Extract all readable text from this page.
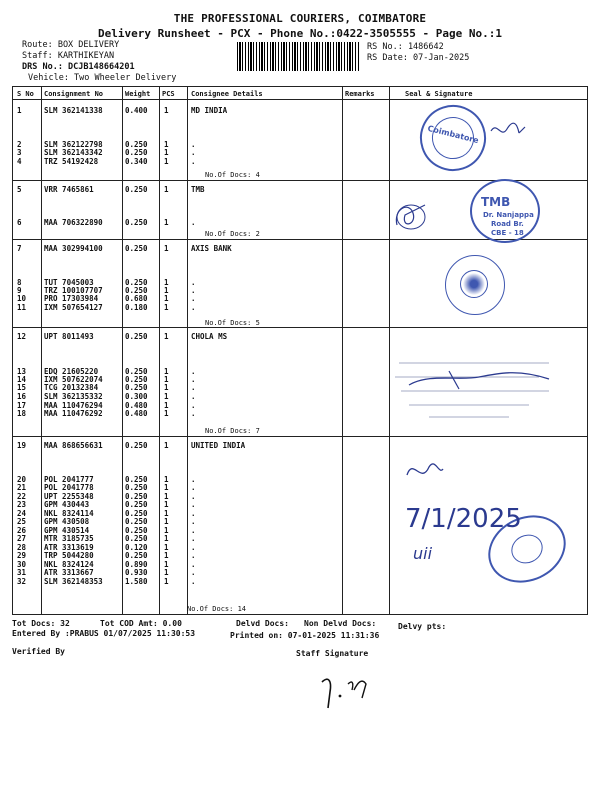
THE PROFESSIONAL COURIERS, COIMBATORE
Delivery Runsheet - PCX - Phone No.:0422-3505555 - Page No.:1
Route: BOX DELIVERY
Staff: KARTHIKEYAN
DRS No.: DCJB148664201
Vehicle: Two Wheeler Delivery
RS No.: 1486642
RS Date: 07-Jan-2025
S No Consignment No	Weight PCS Consignee Details	Remarks	Seal & Signature
1	SLM 362141338	0.400 1	MD INDIA
2	SLM 362122798	0.250 1	.
3	SLM 362143342	0.250 1	.
4	TRZ 54192428	0.340 1	.
5	VRR 7465861	0.250 1	TMB
6	MAA 706322890	0.250 1	.
7	MAA 302994100	0.250 1	AXIS BANK
8	TUT 7045003	0.250 1	.
9	TRZ 100107707	0.250 1	.
10 PRO 17303984	0.680 1	.
11 IXM 507654127	0.180 1	.
12 UPT 8011493	0.250 1	CHOLA MS
13 EDQ 21605220	0.250 1	.
14 IXM 507622074	0.250 1	.
15 TCG 20132384	0.250 1	.
16 SLM 362135332	0.300 1	.
17 MAA 110476294	0.480 1	.
18 MAA 110476292	0.480 1	.
19 MAA 868656631	0.250 1	UNITED INDIA
20 POL 2041777	0.250 1	.
21 POL 2041778	0.250 1	.
22 UPT 2255348	0.250 1	.
23 GPM 430443	0.250 1	.
24 NKL 8324114	0.250 1	.
25 GPM 430508	0.250 1	.
26 GPM 430514	0.250 1	.
27 MTR 3185735	0.250 1	.
28 ATR 3313619	0.120 1	.
29 TRP 5044280	0.250 1	.
30 NKL 8324124	0.890 1	.
31 ATR 3313667	0.930 1	.
32 SLM 362148353	1.580 1	.
No.Of Docs: 4
No.Of Docs: 2
No.Of Docs: 5
No.Of Docs: 7
No.Of Docs: 14
Coimbatore
TMB
Dr. Nanjappa
Road Br.
CBE - 18
7/1/2025
uii
Tot Docs: 32	Tot COD Amt: 0.00	Delvd Docs: Non Delvd Docs:	Delvy pts:
Entered By :PRABUS 01/07/2025 11:30:53	Printed on: 07-01-2025 11:31:36
Verified By	Staff Signature
